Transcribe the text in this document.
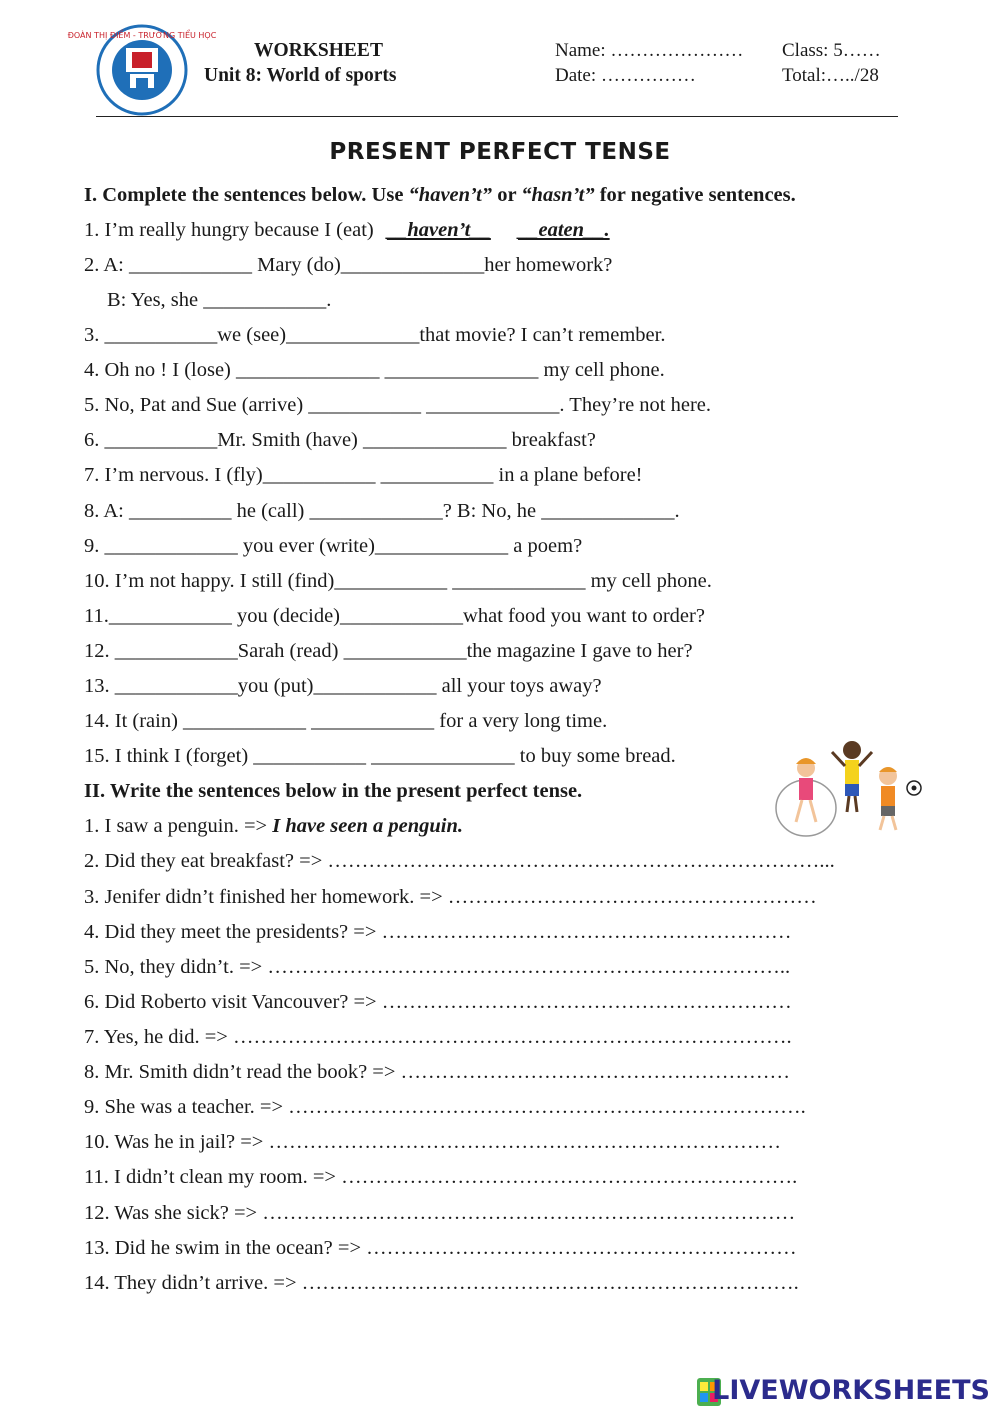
ĐOÀN THỊ ĐIỂM - TRƯỜNG TIỂU HỌC
WORKSHEET
Unit 8: World of sports
Name: ………………… Class: 5……
Date: ……………	Total:…../28
PRESENT PERFECT TENSE
I. Complete the sentences below. Use “haven’t” or “hasn’t” for negative sentences.
1. I’m really hungry because I (eat) __haven’t__ __eaten__.
2. A: ____________ Mary (do)______________her homework?
B: Yes, she ____________.
3. ___________we (see)_____________that movie? I can’t remember.
4. Oh no ! I (lose) ______________ _______________ my cell phone.
5. No, Pat and Sue (arrive) ___________ _____________. They’re not here.
6. ___________Mr. Smith (have) ______________ breakfast?
7. I’m nervous. I (fly)___________ ___________ in a plane before!
8. A: __________ he (call) _____________? B: No, he _____________.
9. _____________ you ever (write)_____________ a poem?
10. I’m not happy. I still (find)___________ _____________ my cell phone.
11.____________ you (decide)____________what food you want to order?
12. ____________Sarah (read) ____________the magazine I gave to her?
13. ____________you (put)____________ all your toys away?
14. It (rain) ____________ ____________ for a very long time.
15. I think I (forget) ___________ ______________ to buy some bread.
II. Write the sentences below in the present perfect tense.
1. I saw a penguin. => I have seen a penguin.
2. Did they eat breakfast? => ………………………………………………………………...
3. Jenifer didn’t finished her homework. => ………………………………………………
4. Did they meet the presidents? => ……………………………………………………
5. No, they didn’t. => …………………………………………………………………..
6. Did Roberto visit Vancouver? => ……………………………………………………
7. Yes, he did. => ……………………………………………………………………….
8. Mr. Smith didn’t read the book? => …………………………………………………
9. She was a teacher. => ………………………………………………………………….
10. Was he in jail? => …………………………………………………………………
11. I didn’t clean my room. => ………………………………………………………….
12. Was she sick? => ……………………………………………………………………
13. Did he swim in the ocean? => ………………………………………………………
14. They didn’t arrive. => ……………………………………………………………….
LIVEWORKSHEETS
